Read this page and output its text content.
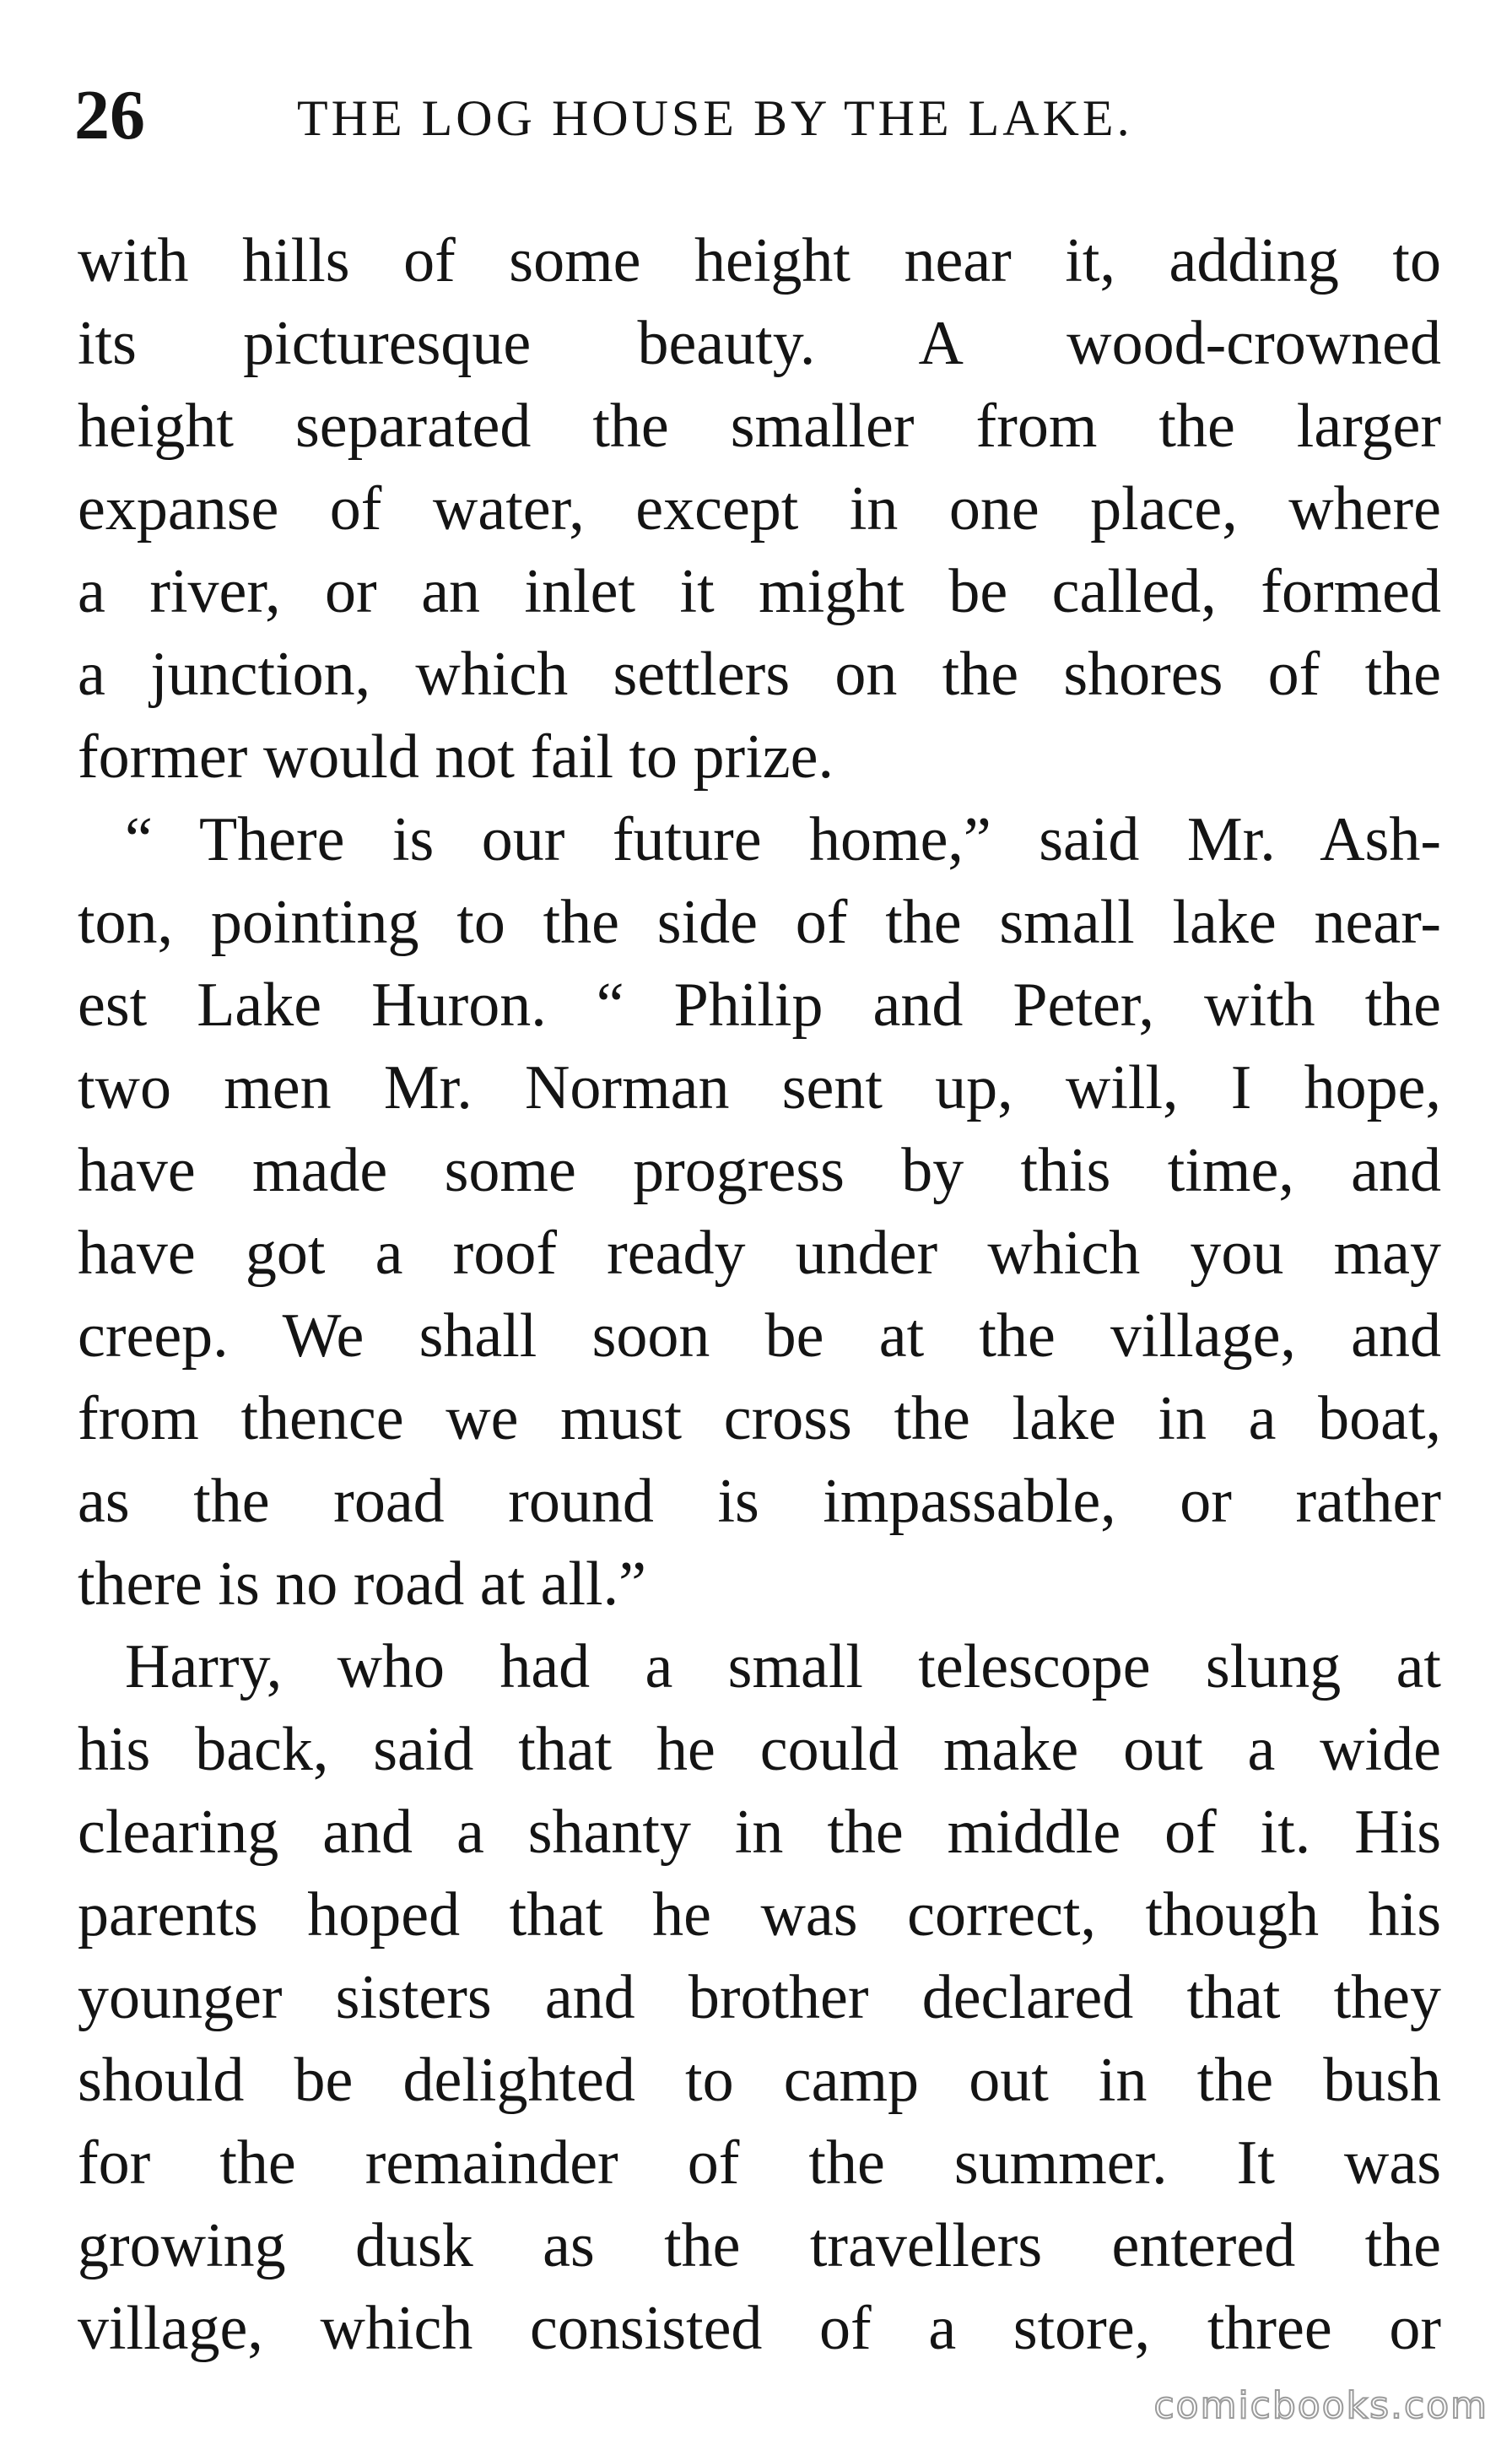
26	THE LOG HOUSE BY THE LAKE.
with hills of some height near it, adding to
its picturesque beauty. A wood-crowned
height separated the smaller from the larger
expanse of water, except in one place, where
a river, or an inlet it might be called, formed
a junction, which settlers on the shores of the
former would not fail to prize.
“ There is our future home,” said Mr. Ash-
ton, pointing to the side of the small lake near-
est Lake Huron. “ Philip and Peter, with the
two men Mr. Norman sent up, will, I hope,
have made some progress by this time, and
have got a roof ready under which you may
creep. We shall soon be at the village, and
from thence we must cross the lake in a boat,
as the road round is impassable, or rather
there is no road at all.”
Harry, who had a small telescope slung at
his back, said that he could make out a wide
clearing and a shanty in the middle of it. His
parents hoped that he was correct, though his
younger sisters and brother declared that they
should be delighted to camp out in the bush
for the remainder of the summer. It was
growing dusk as the travellers entered the
village, which consisted of a store, three or
comicbooks.com
